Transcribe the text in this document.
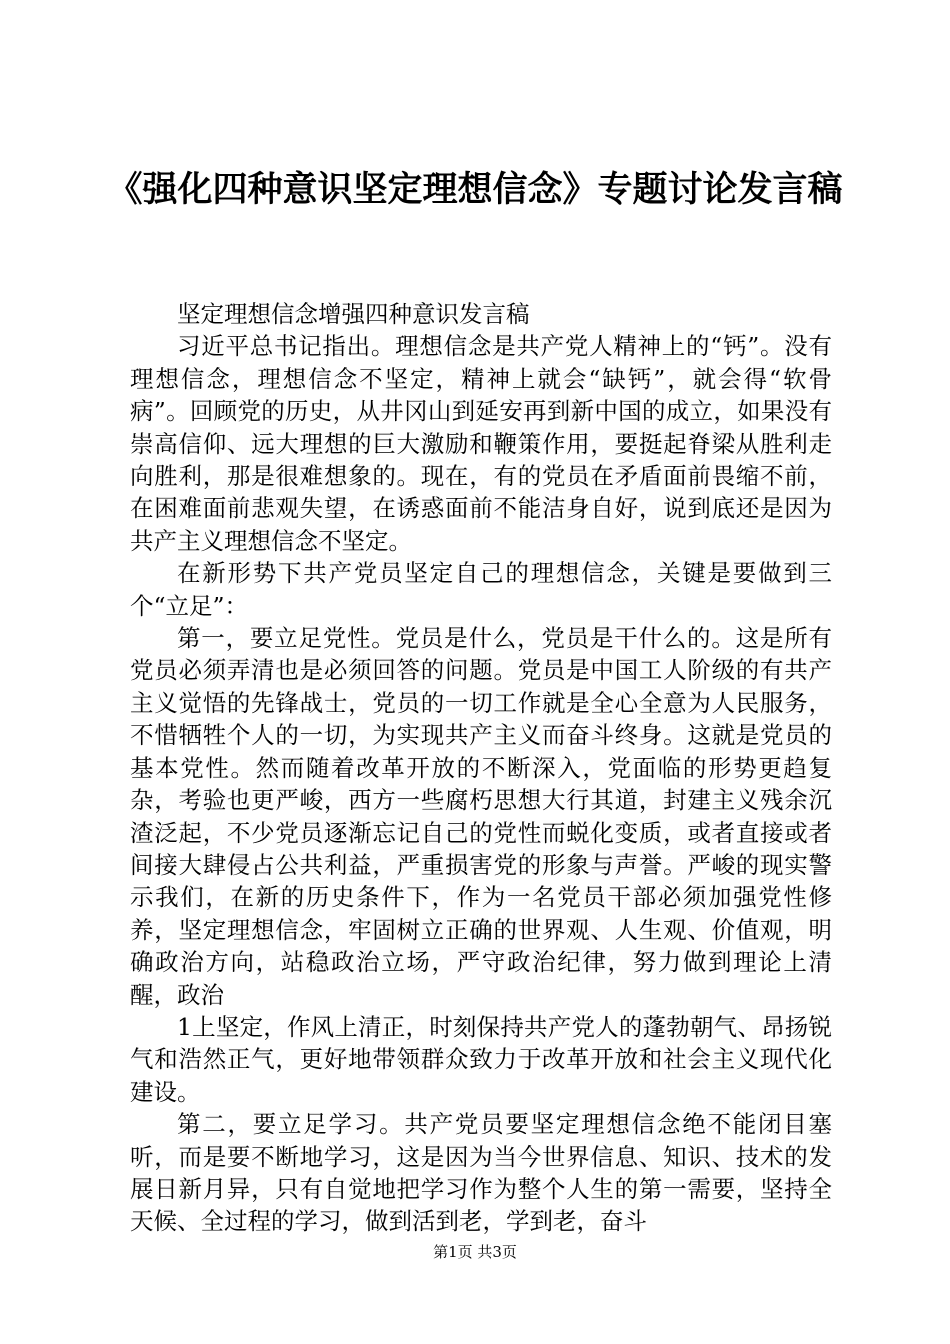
《强化四种意识坚定理想信念》专题讨论发言稿

坚定理想信念增强四种意识发言稿

习近平总书记指出。理想信念是共产党人精神上的“钙”。没有理想信念，理想信念不坚定，精神上就会“缺钙”，就会得“软骨病”。回顾党的历史，从井冈山到延安再到新中国的成立，如果没有崇高信仰、远大理想的巨大激励和鞭策作用，要挺起脊梁从胜利走向胜利，那是很难想象的。现在，有的党员在矛盾面前畏缩不前，在困难面前悲观失望，在诱惑面前不能洁身自好，说到底还是因为共产主义理想信念不坚定。

在新形势下共产党员坚定自己的理想信念，关键是要做到三个“立足”：

第一，要立足党性。党员是什么，党员是干什么的。这是所有党员必须弄清也是必须回答的问题。党员是中国工人阶级的有共产主义觉悟的先锋战士，党员的一切工作就是全心全意为人民服务，不惜牺牲个人的一切，为实现共产主义而奋斗终身。这就是党员的基本党性。然而随着改革开放的不断深入，党面临的形势更趋复杂，考验也更严峻，西方一些腐朽思想大行其道，封建主义残余沉渣泛起，不少党员逐渐忘记自己的党性而蜕化变质，或者直接或者间接大肆侵占公共利益，严重损害党的形象与声誉。严峻的现实警示我们，在新的历史条件下，作为一名党员干部必须加强党性修养，坚定理想信念，牢固树立正确的世界观、人生观、价值观，明确政治方向，站稳政治立场，严守政治纪律，努力做到理论上清醒，政治

1上坚定，作风上清正，时刻保持共产党人的蓬勃朝气、昂扬锐气和浩然正气，更好地带领群众致力于改革开放和社会主义现代化建设。

第二，要立足学习。共产党员要坚定理想信念绝不能闭目塞听，而是要不断地学习，这是因为当今世界信息、知识、技术的发展日新月异，只有自觉地把学习作为整个人生的第一需要，坚持全天候、全过程的学习，做到活到老，学到老，奋斗

第1页 共3页
